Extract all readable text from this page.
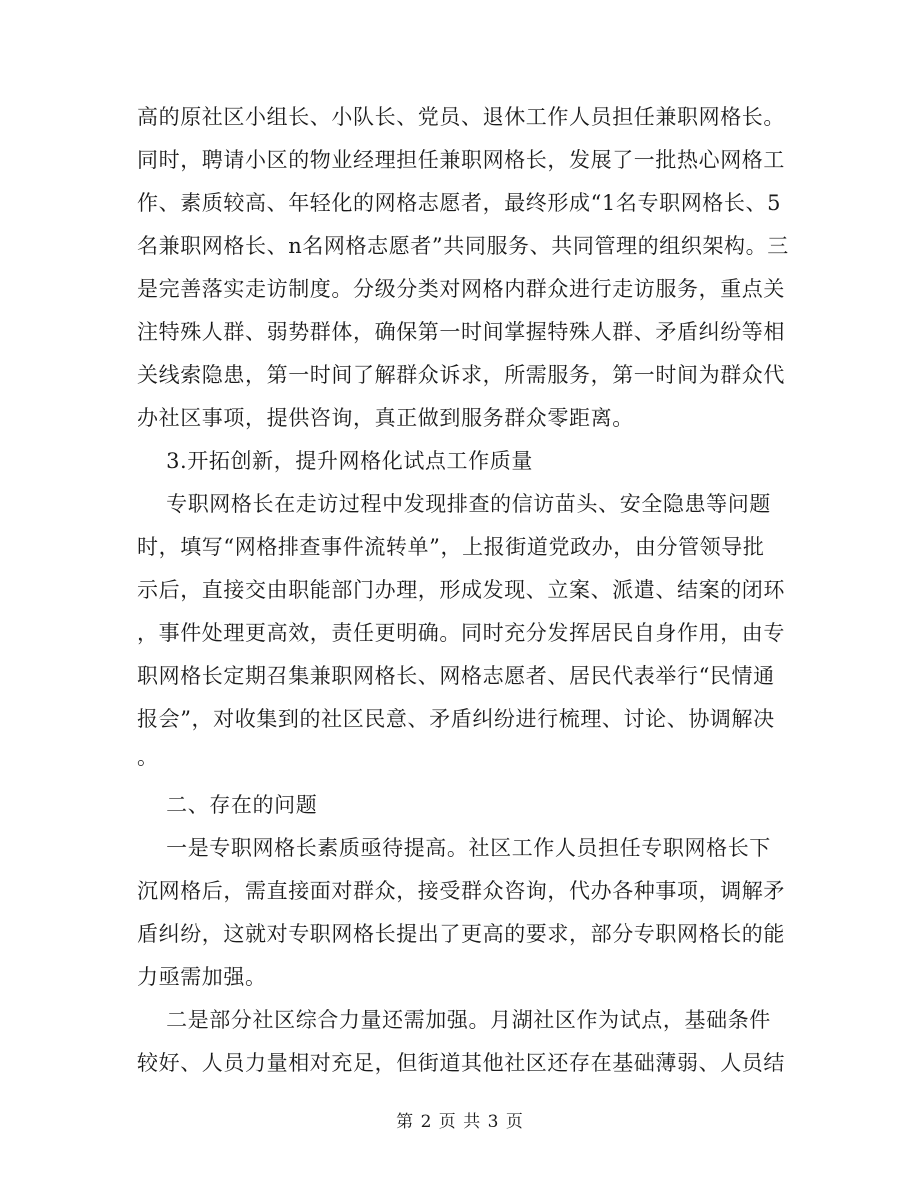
高的原社区小组长、小队长、党员、退休工作人员担任兼职网格长。
同时，聘请小区的物业经理担任兼职网格长，发展了一批热心网格工
作、素质较高、年轻化的网格志愿者，最终形成“1名专职网格长、5
名兼职网格长、n名网格志愿者”共同服务、共同管理的组织架构。三
是完善落实走访制度。分级分类对网格内群众进行走访服务，重点关
注特殊人群、弱势群体，确保第一时间掌握特殊人群、矛盾纠纷等相
关线索隐患，第一时间了解群众诉求，所需服务，第一时间为群众代
办社区事项，提供咨询，真正做到服务群众零距离。
3.开拓创新，提升网格化试点工作质量
专职网格长在走访过程中发现排查的信访苗头、安全隐患等问题
时，填写“网格排查事件流转单”，上报街道党政办，由分管领导批
示后，直接交由职能部门办理，形成发现、立案、派遣、结案的闭环
，事件处理更高效，责任更明确。同时充分发挥居民自身作用，由专
职网格长定期召集兼职网格长、网格志愿者、居民代表举行“民情通
报会”，对收集到的社区民意、矛盾纠纷进行梳理、讨论、协调解决
。
二、存在的问题
一是专职网格长素质亟待提高。社区工作人员担任专职网格长下
沉网格后，需直接面对群众，接受群众咨询，代办各种事项，调解矛
盾纠纷，这就对专职网格长提出了更高的要求，部分专职网格长的能
力亟需加强。
二是部分社区综合力量还需加强。月湖社区作为试点，基础条件
较好、人员力量相对充足，但街道其他社区还存在基础薄弱、人员结
第 2 页 共 3 页
